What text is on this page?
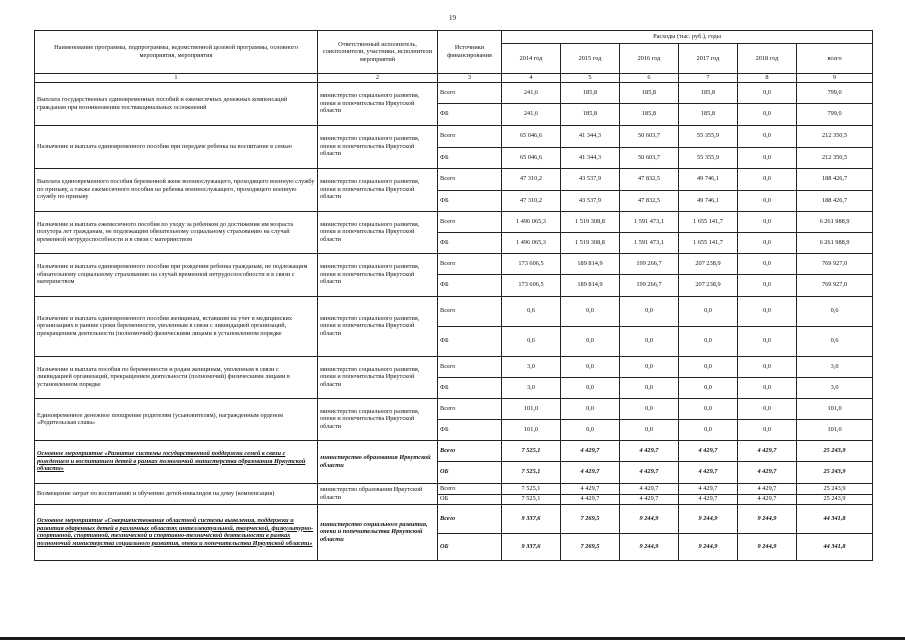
19
Наименование программы, подпрограммы, ведомственной целевой программы, основного мероприятия, мероприятия	Ответственный исполнитель, соисполнители, участники, исполнители мероприятий	Источники финансирования	Расходы (тыс. руб.), годы					
			2014 год	2015 год	2016 год	2017 год	2018 год	всего
1	2	3	4	5	6	7	8	9
Выплата государственных единовременных пособий и ежемесячных денежных компенсаций гражданам при возникновении поствакцинальных осложнений	министерство социального развития, опеки и попечительства Иркутской области	Всего	241,6	185,8	185,8	185,8	0,0	799,0
		ФБ	241,6	185,8	185,8	185,8	0,0	799,0
Назначение и выплата единовременного пособия при передаче ребенка на воспитание в семью	министерство социального развития, опеки и попечительства Иркутской области	Всего	65 046,6	41 344,3	50 603,7	55 355,9	0,0	212 350,5
		ФБ	65 046,6	41 344,3	50 603,7	55 355,9	0,0	212 350,5
Выплата единовременного пособия беременной жене военнослужащего, проходящего военную службу по призыву, а также ежемесячного пособия на ребенка военнослужащего, проходящего военную службу по призыву	министерство социального развития, опеки и попечительства Иркутской области	Всего	47 310,2	43 537,9	47 832,5	49 746,1	0,0	188 426,7
		ФБ	47 310,2	43 537,9	47 832,5	49 746,1	0,0	188 426,7
Назначение и выплата ежемесячного пособия по уходу за ребенком до достижения им возраста полутора лет гражданам, не подлежащим обязательному социальному страхованию на случай временной нетрудоспособности и в связи с материнством	министерство социального развития, опеки и попечительства Иркутской области	Всего	1 496 065,3	1 519 308,8	1 591 473,1	1 655 141,7	0,0	6 261 988,9
		ФБ	1 496 065,3	1 519 308,8	1 591 473,1	1 655 141,7	0,0	6 261 988,9
Назначение и выплата единовременного пособия при рождении ребенка гражданам, не подлежащим обязательному социальному страхованию на случай временной нетрудоспособности и в связи с материнством	министерство социального развития, опеки и попечительства Иркутской области	Всего	173 606,5	189 814,9	199 266,7	207 238,9	0,0	769 927,0
		ФБ	173 606,5	189 814,9	199 266,7	207 238,9	0,0	769 927,0
Назначение и выплата единовременного пособия женщинам, вставшим на учет в медицинских организациях в ранние сроки беременности, уволенным в связи с ликвидацией организаций, прекращением деятельности (полномочий) физическими лицами в установленном порядке	министерство социального развития, опеки и попечительства Иркутской области	Всего	0,6	0,0	0,0	0,0	0,0	0,6
		ФБ	0,6	0,0	0,0	0,0	0,0	0,6
Назначение и выплата пособия по беременности и родам женщинам, уволенным в связи с ликвидацией организаций, прекращением деятельности (полномочий) физическими лицами в установленном порядке	министерство социального развития, опеки и попечительства Иркутской области	Всего	3,0	0,0	0,0	0,0	0,0	3,0
		ФБ	3,0	0,0	0,0	0,0	0,0	3,0
Единовременное денежное поощрение родителям (усыновителям), награжденным орденом «Родительская слава»	министерство социального развития, опеки и попечительства Иркутской области	Всего	101,0	0,0	0,0	0,0	0,0	101,0
		ФБ	101,0	0,0	0,0	0,0	0,0	101,0
Основное мероприятие «Развитие системы государственной поддержки семей в связи с рождением и воспитанием детей в рамках полномочий министерства образования Иркутской области»	министерство образования Иркутской области	Всего	7 525,1	4 429,7	4 429,7	4 429,7	4 429,7	25 243,9
		ОБ	7 525,1	4 429,7	4 429,7	4 429,7	4 429,7	25 243,9
Возмещение затрат по воспитанию и обучению детей-инвалидов на дому (компенсация)	министерство образования Иркутской области	Всего	7 525,1	4 429,7	4 429,7	4 429,7	4 429,7	25 243,9
		ОБ	7 525,1	4 429,7	4 429,7	4 429,7	4 429,7	25 243,9
Основное мероприятие «Совершенствование областной системы выявления, поддержки и развития одаренных детей в различных областях интеллектуальной, творческой, физкультурно-спортивной, спортивной, технической и спортивно-технической деятельности в рамках полномочий министерства социального развития, опеки и попечительства Иркутской области»	министерство социального развития, опеки и попечительства Иркутской области	Всего	9 337,6	7 269,5	9 244,9	9 244,9	9 244,9	44 341,8
		ОБ	9 337,6	7 269,5	9 244,9	9 244,9	9 244,9	44 341,8
